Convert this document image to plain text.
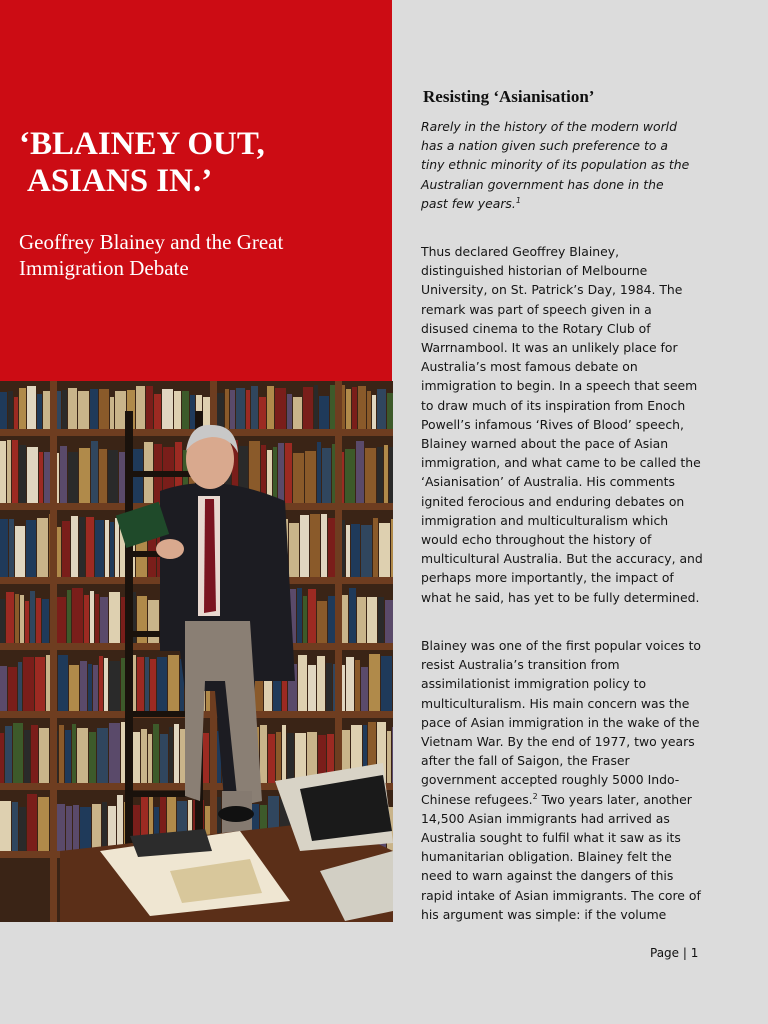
‘BLAINEY OUT,
ASIANS IN.’

Geoffrey Blainey and the Great Immigration Debate

Resisting ‘Asianisation’

Rarely in the history of the modern world has a nation given such preference to a tiny ethnic minority of its population as the Australian government has done in the past few years.$^1$

Thus declared Geoffrey Blainey, distinguished historian of Melbourne University, on St. Patrick’s Day, 1984. The remark was part of speech given in a disused cinema to the Rotary Club of Warrnambool. It was an unlikely place for Australia’s most famous debate on immigration to begin. In a speech that seem to draw much of its inspiration from Enoch Powell’s infamous ‘Rives of Blood’ speech, Blainey warned about the pace of Asian immigration, and what came to be called the ‘Asianisation’ of Australia. His comments ignited ferocious and enduring debates on immigration and multiculturalism which would echo throughout the history of multicultural Australia. But the accuracy, and perhaps more importantly, the impact of what he said, has yet to be fully determined.

Blainey was one of the first popular voices to resist Australia’s transition from assimilationist immigration policy to multiculturalism. His main concern was the pace of Asian immigration in the wake of the Vietnam War. By the end of 1977, two years after the fall of Saigon, the Fraser government accepted roughly 5000 Indo-Chinese refugees.$^2$ Two years later, another 14,500 Asian immigrants had arrived as Australia sought to fulfil what it saw as its humanitarian obligation. Blainey felt the need to warn against the dangers of this rapid intake of Asian immigrants. The core of his argument was simple: if the volume

Page | 1
